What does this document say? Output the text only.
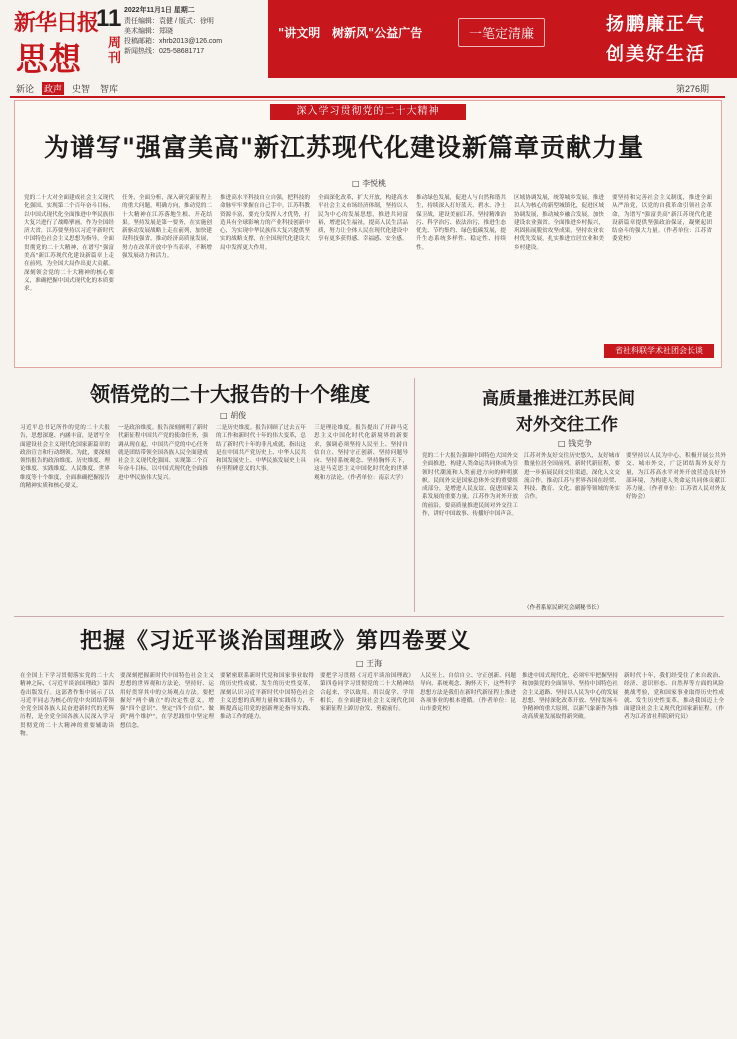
新华日报
11
思想 周刊
2022年11月1日 星期二
责任编辑：袁健 / 版式：徐明
美术编辑：郑晓
投稿邮箱：xhrb2013@126.com
新闻热线：025-58681717
"讲文明 树新风"公益广告	一笔定清廉	扬鹏廉正气
创美好生活
新论 政声 史智 智库	第276期
深入学习贯彻党的二十大精神
为谱写"强富美高"新江苏现代化建设新篇章贡献力量
□ 李悦桃
党的二十大对全面建成社会主义现代化强国、实现第二个百年奋斗目标，以中国式现代化全面推进中华民族伟大复兴进行了战略擘画。作为全国经济大省，江苏要坚持以习近平新时代中国特色社会主义思想为指导，全面贯彻党的二十大精神，在谱写"强富美高"新江苏现代化建设新篇章上走在前列，为全国大局作出更大贡献。深刻领会党的二十大精神的核心要义，准确把握中国式现代化的本质要求。
任务，全面分析，深入研究新征程上的重大问题，明确方向，推动党的二十大精神在江苏落地生根、开花结果。坚持发展是第一要务，在实施创新驱动发展战略上走在前列，加快建设科技强省，推动经济高质量发展，努力在改革开放中争当表率，不断增强发展动力和活力。
推进高水平科技自立自强，把科技的命脉牢牢掌握在自己手中。江苏科教资源丰富，要充分发挥人才优势，打造具有全球影响力的产业科技创新中心，为实现中华民族伟大复兴提供坚实的战略支撑，在全国现代化建设大局中发挥更大作用。
全面深化改革，扩大开放，构建高水平社会主义市场经济体制，坚持以人民为中心的发展思想，推进共同富裕，增进民生福祉，提高人民生活品质，努力让全体人民在现代化建设中享有更多获得感、幸福感、安全感。
推动绿色发展，促进人与自然和谐共生，持续深入打好蓝天、碧水、净土保卫战，建设美丽江苏。坚持精准治污、科学治污、依法治污，推进生态优先、节约集约、绿色低碳发展，提升生态系统多样性、稳定性、持续性。
区域协调发展，统筹城乡发展，推进以人为核心的新型城镇化，促进区域协调发展，推动城乡融合发展，加快建设农业强省。全面推进乡村振兴，巩固拓展脱贫攻坚成果，坚持农业农村优先发展，扎实推进宜居宜业和美乡村建设。
要坚持和完善社会主义制度，推进全面从严治党，以党的自我革命引领社会革命，为谱写"强富美高"新江苏现代化建设新篇章提供坚强政治保证，凝聚起团结奋斗的强大力量。（作者单位：江苏省委党校）
省社科联学术社团会长谈
领悟党的二十大报告的十个维度
□ 胡俊
习近平总书记所作的党的二十大报告，思想深邃、内涵丰富，是谱写全面建设社会主义现代化国家新篇章的政治宣言和行动纲领。为此，要深刻领悟报告的政治维度、历史维度、理论维度、实践维度、人民维度、世界维度等十个维度，全面准确把握报告的精神实质和核心要义。
一是政治维度。报告深刻阐明了新时代新征程中国共产党的使命任务，强调从现在起，中国共产党的中心任务就是团结带领全国各族人民全面建成社会主义现代化强国、实现第二个百年奋斗目标，以中国式现代化全面推进中华民族伟大复兴。
二是历史维度。报告回顾了过去五年的工作和新时代十年的伟大变革，总结了新时代十年的非凡成就，指出这是在中国共产党历史上、中华人民共和国发展史上、中华民族发展史上具有里程碑意义的大事。
三是理论维度。报告提出了开辟马克思主义中国化时代化新境界的新要求，强调必须坚持人民至上、坚持自信自立、坚持守正创新、坚持问题导向、坚持系统观念、坚持胸怀天下，这是马克思主义中国化时代化的世界观和方法论。（作者单位：南京大学）
高质量推进江苏民间
对外交往工作
□ 钱克争
党的二十大报告强调中国特色大国外交全面推进，构建人类命运共同体成为引领时代潮流和人类前进方向的鲜明旗帜。民间外交是国家总体外交的重要组成部分，是增进人民友谊、促进国家关系发展的重要力量。江苏作为对外开放的前沿，要高质量推进民间对外交往工作，讲好中国故事、传播好中国声音。
江苏对外友好交往历史悠久，友好城市数量位居全国前列。新时代新征程，要进一步拓展民间交往渠道，深化人文交流合作，推动江苏与世界各国在经贸、科技、教育、文化、旅游等领域的务实合作。
要坚持以人民为中心，积极开展公共外交、城市外交，广泛团结海外友好力量，为江苏高水平对外开放营造良好外部环境，为构建人类命运共同体贡献江苏力量。（作者单位：江苏省人民对外友好协会）
（作者系原民研究会副秘书长）
把握《习近平谈治国理政》第四卷要义
□ 王海
在全国上下学习贯彻落实党的二十大精神之际，《习近平谈治国理政》第四卷出版发行。这部著作集中展示了以习近平同志为核心的党中央团结带领全党全国各族人民奋进新时代的光辉历程，是全党全国各族人民深入学习贯彻党的二十大精神的重要辅助读物。
要深刻把握新时代中国特色社会主义思想的世界观和方法论，坚持好、运用好贯穿其中的立场观点方法。要把握好"两个确立"的决定性意义，增强"四个意识"、坚定"四个自信"、做到"两个维护"，在学思践悟中坚定理想信念。
要紧密联系新时代党和国家事业取得的历史性成就、发生的历史性变革，深刻认识习近平新时代中国特色社会主义思想的真理力量和实践伟力，不断提高运用党的创新理论指导实践、推动工作的能力。
要把学习贯彻《习近平谈治国理政》第四卷同学习贯彻党的二十大精神结合起来，学以致用、用以促学、学用相长，在全面建设社会主义现代化国家新征程上踔厉奋发、勇毅前行。
人民至上、自信自立、守正创新、问题导向、系统观念、胸怀天下，这些科学思想方法是我们在新时代新征程上推进各项事业的根本遵循。（作者单位：昆山市委党校）
推进中国式现代化，必须牢牢把握坚持和加强党的全面领导、坚持中国特色社会主义道路、坚持以人民为中心的发展思想、坚持深化改革开放、坚持发扬斗争精神的重大原则，以新气象新作为推动高质量发展取得新突破。
新时代十年，我们经受住了来自政治、经济、意识形态、自然界等方面的风险挑战考验，党和国家事业取得历史性成就、发生历史性变革，推动我国迈上全面建设社会主义现代化国家新征程。（作者为江苏省社科院研究员）
